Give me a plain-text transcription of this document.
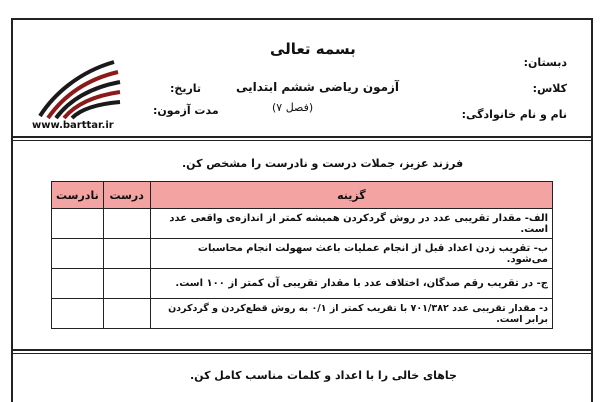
بسمه تعالی
دبستان:
کلاس:
نام و نام خانوادگی:
آزمون ریاضی ششم ابتدایی
(فصل ۷)
تاریخ:
مدت آزمون:
www.barttar.ir
فرزند عزیز، جملات درست و نادرست را مشخص کن.
گزینه	درست	نادرست
الف- مقدار تقریبی عدد در روش گردکردن همیشه کمتر از اندازه‌ی واقعی عدد است.		
ب- تقریب زدن اعداد قبل از انجام عملیات باعث سهولت انجام محاسبات می‌شود.		
ج- در تقریب رقم صدگان، اختلاف عدد با مقدار تقریبی آن کمتر از ۱۰۰ است.		
د- مقدار تقریبی عدد ۷۰۱/۳۸۲ با تقریب کمتر از ۰/۱ به روش قطع‌کردن و گردکردن برابر است.		
جاهای خالی را با اعداد و کلمات مناسب کامل کن.
